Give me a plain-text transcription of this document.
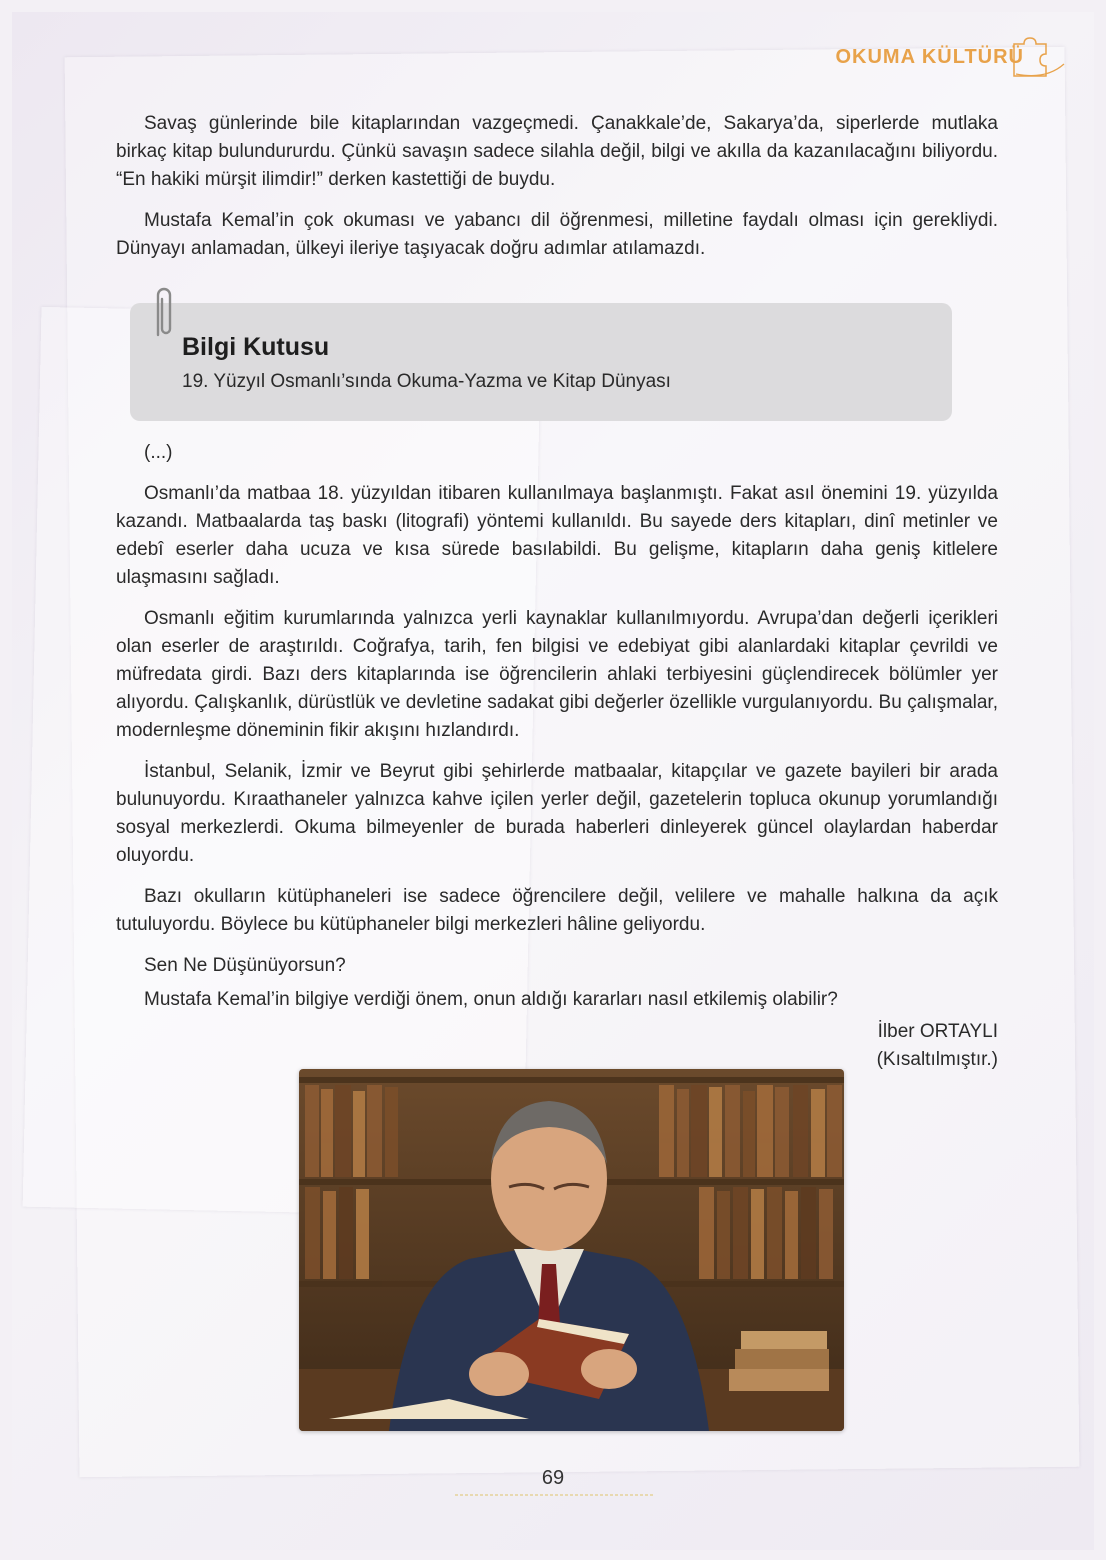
OKUMA KÜLTÜRÜ

Savaş günlerinde bile kitaplarından vazgeçmedi. Çanakkale’de, Sakarya’da, siperlerde mutlaka birkaç kitap bulundururdu. Çünkü savaşın sadece silahla değil, bilgi ve akılla da kazanılacağını biliyordu. “En hakiki mürşit ilimdir!” derken kastettiği de buydu.

Mustafa Kemal’in çok okuması ve yabancı dil öğrenmesi, milletine faydalı olması için gerekliydi. Dünyayı anlamadan, ülkeyi ileriye taşıyacak doğru adımlar atılamazdı.

Bilgi Kutusu
19. Yüzyıl Osmanlı’sında Okuma-Yazma ve Kitap Dünyası

(...)

Osmanlı’da matbaa 18. yüzyıldan itibaren kullanılmaya başlanmıştı. Fakat asıl önemini 19. yüzyılda kazandı. Matbaalarda taş baskı (litografi) yöntemi kullanıldı. Bu sayede ders kitapları, dinî metinler ve edebî eserler daha ucuza ve kısa sürede basılabildi. Bu gelişme, kitapların daha geniş kitlelere ulaşmasını sağladı.

Osmanlı eğitim kurumlarında yalnızca yerli kaynaklar kullanılmıyordu. Avrupa’dan değerli içerikleri olan eserler de araştırıldı. Coğrafya, tarih, fen bilgisi ve edebiyat gibi alanlardaki kitaplar çevrildi ve müfredata girdi. Bazı ders kitaplarında ise öğrencilerin ahlaki terbiyesini güçlendirecek bölümler yer alıyordu. Çalışkanlık, dürüstlük ve devletine sadakat gibi değerler özellikle vurgulanıyordu. Bu çalışmalar, modernleşme döneminin fikir akışını hızlandırdı.

İstanbul, Selanik, İzmir ve Beyrut gibi şehirlerde matbaalar, kitapçılar ve gazete bayileri bir arada bulunuyordu. Kıraathaneler yalnızca kahve içilen yerler değil, gazetelerin topluca okunup yorumlandığı sosyal merkezlerdi. Okuma bilmeyenler de burada haberleri dinleyerek güncel olaylardan haberdar oluyordu.

Bazı okulların kütüphaneleri ise sadece öğrencilere değil, velilere ve mahalle halkına da açık tutuluyordu. Böylece bu kütüphaneler bilgi merkezleri hâline geliyordu.

Sen Ne Düşünüyorsun?

Mustafa Kemal’in bilgiye verdiği önem, onun aldığı kararları nasıl etkilemiş olabilir?

İlber ORTAYLI
(Kısaltılmıştır.)
69
